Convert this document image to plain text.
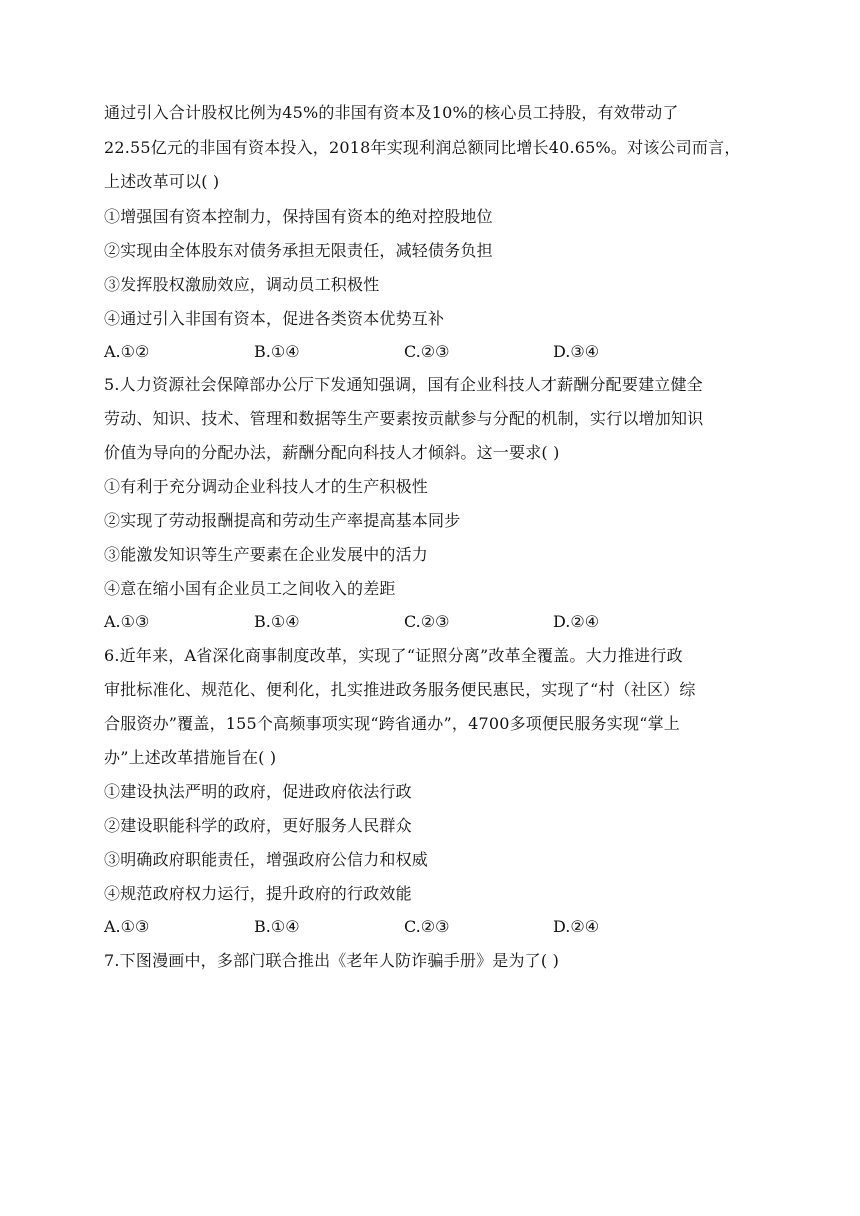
通过引入合计股权比例为45%的非国有资本及10%的核心员工持股，有效带动了
22.55亿元的非国有资本投入，2018年实现利润总额同比增长40.65%。对该公司而言，
上述改革可以( )
①增强国有资本控制力，保持国有资本的绝对控股地位
②实现由全体股东对债务承担无限责任，减轻债务负担
③发挥股权激励效应，调动员工积极性
④通过引入非国有资本，促进各类资本优势互补
A.①②	B.①④	C.②③	D.③④
5.人力资源社会保障部办公厅下发通知强调，国有企业科技人才薪酬分配要建立健全
劳动、知识、技术、管理和数据等生产要素按贡献参与分配的机制，实行以增加知识
价值为导向的分配办法，薪酬分配向科技人才倾斜。这一要求( )
①有利于充分调动企业科技人才的生产积极性
②实现了劳动报酬提高和劳动生产率提高基本同步
③能激发知识等生产要素在企业发展中的活力
④意在缩小国有企业员工之间收入的差距
A.①③	B.①④	C.②③	D.②④
6.近年来，A省深化商事制度改革，实现了“证照分离”改革全覆盖。大力推进行政
审批标准化、规范化、便利化，扎实推进政务服务便民惠民，实现了“村（社区）综
合服资办”覆盖，155个高频事项实现“跨省通办”，4700多项便民服务实现“掌上
办”上述改革措施旨在( )
①建设执法严明的政府，促进政府依法行政
②建设职能科学的政府，更好服务人民群众
③明确政府职能责任，增强政府公信力和权威
④规范政府权力运行，提升政府的行政效能
A.①③	B.①④	C.②③	D.②④
7.下图漫画中，多部门联合推出《老年人防诈骗手册》是为了( )
